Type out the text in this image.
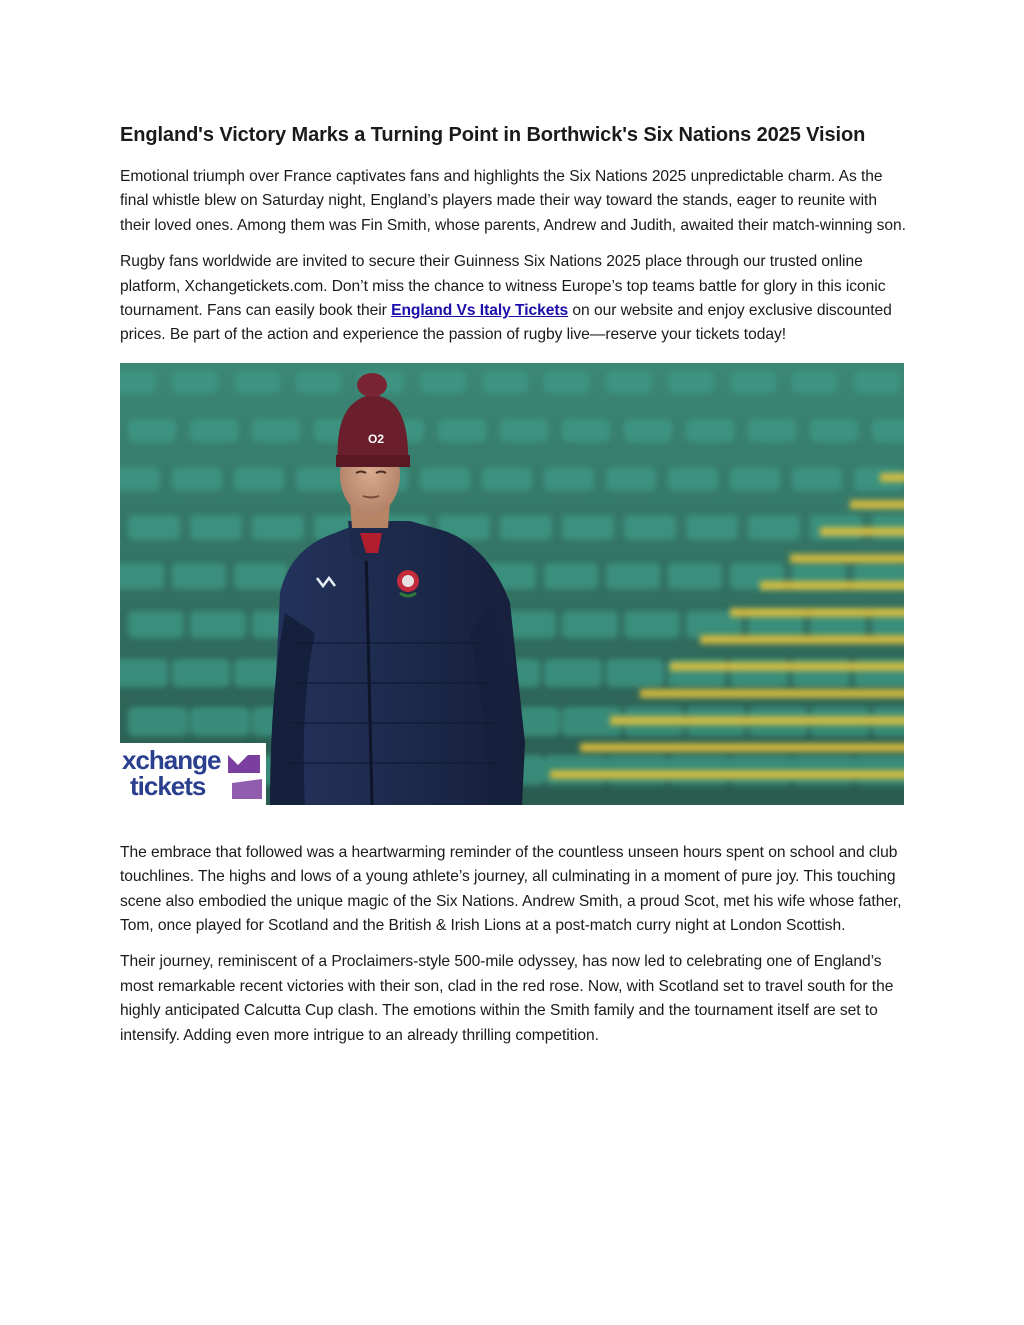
England's Victory Marks a Turning Point in Borthwick's Six Nations 2025 Vision

Emotional triumph over France captivates fans and highlights the Six Nations 2025 unpredictable charm. As the final whistle blew on Saturday night, England’s players made their way toward the stands, eager to reunite with their loved ones. Among them was Fin Smith, whose parents, Andrew and Judith, awaited their match-winning son.

Rugby fans worldwide are invited to secure their Guinness Six Nations 2025 place through our trusted online platform, Xchangetickets.com. Don’t miss the chance to witness Europe’s top teams battle for glory in this iconic tournament. Fans can easily book their England Vs Italy Tickets on our website and enjoy exclusive discounted prices. Be part of the action and experience the passion of rugby live—reserve your tickets today!

O2
xchange
tickets

The embrace that followed was a heartwarming reminder of the countless unseen hours spent on school and club touchlines. The highs and lows of a young athlete’s journey, all culminating in a moment of pure joy. This touching scene also embodied the unique magic of the Six Nations. Andrew Smith, a proud Scot, met his wife whose father, Tom, once played for Scotland and the British & Irish Lions at a post-match curry night at London Scottish.

Their journey, reminiscent of a Proclaimers-style 500-mile odyssey, has now led to celebrating one of England’s most remarkable recent victories with their son, clad in the red rose. Now, with Scotland set to travel south for the highly anticipated Calcutta Cup clash. The emotions within the Smith family and the tournament itself are set to intensify. Adding even more intrigue to an already thrilling competition.
